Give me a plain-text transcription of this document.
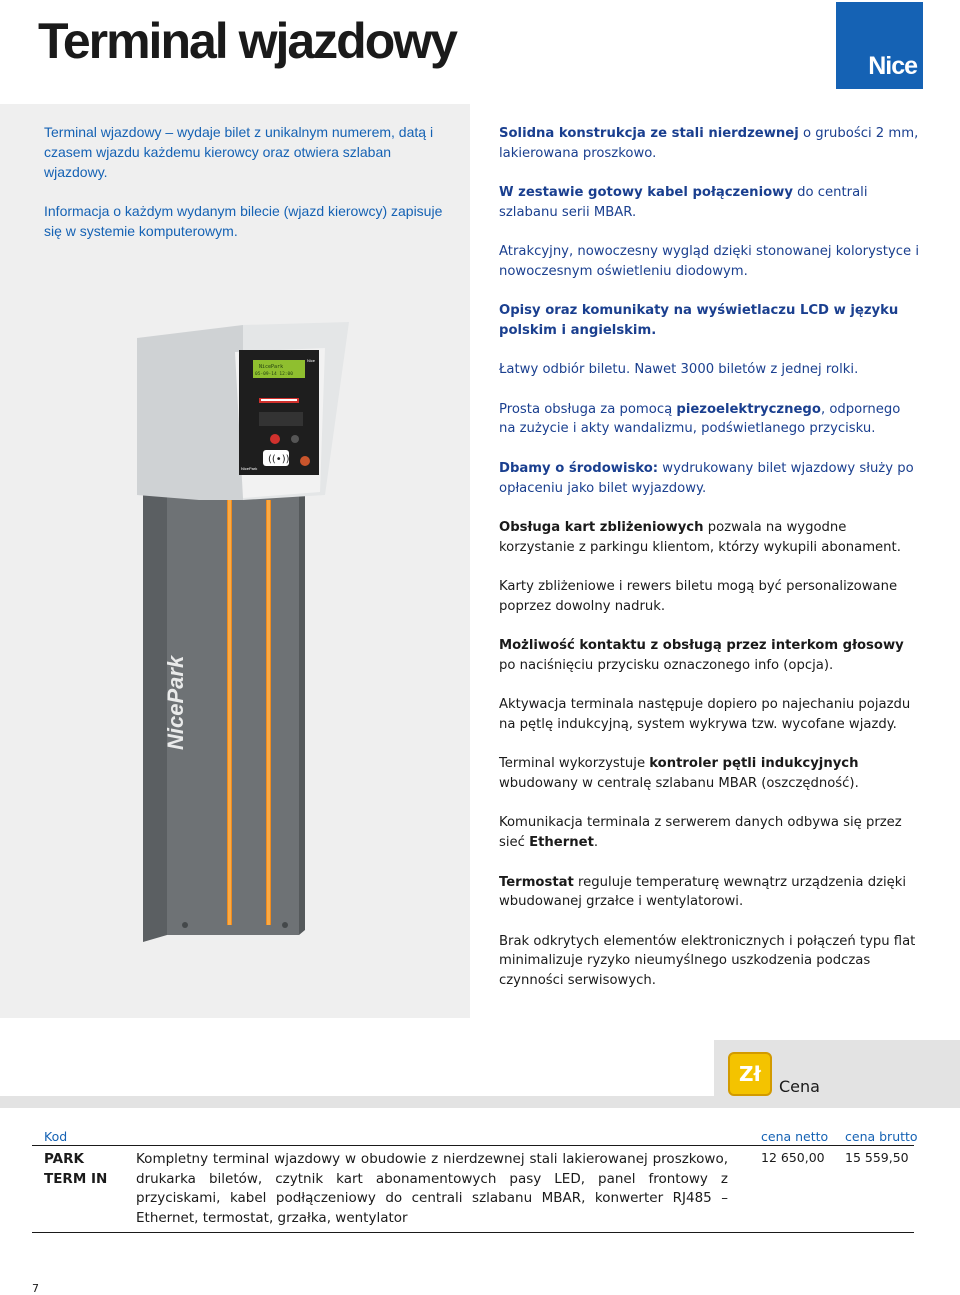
Terminal wjazdowy	Nice

Terminal wjazdowy – wydaje bilet z unikalnym numerem, datą i czasem wjazdu każdemu kierowcy oraz otwiera szlaban wjazdowy.

Informacja o każdym wydanym bilecie (wjazd kierowcy) zapisuje się w systemie komputerowym.

Solidna konstrukcja ze stali nierdzewnej o grubości 2 mm, lakierowana proszkowo.

W zestawie gotowy kabel połączeniowy do centrali szlabanu serii MBAR.

Atrakcyjny, nowoczesny wygląd dzięki stonowanej kolorystyce i nowoczesnym oświetleniu diodowym.

Opisy oraz komunikaty na wyświetlaczu LCD w języku polskim i angielskim.

Łatwy odbiór biletu. Nawet 3000 biletów z jednej rolki.

Prosta obsługa za pomocą piezoelektrycznego, odpornego na zużycie i akty wandalizmu, podświetlanego przycisku.

Dbamy o środowisko: wydrukowany bilet wjazdowy służy po opłaceniu jako bilet wyjazdowy.

Obsługa kart zbliżeniowych pozwala na wygodne korzystanie z parkingu klientom, którzy wykupili abonament.

Karty zbliżeniowe i rewers biletu mogą być personalizowane poprzez dowolny nadruk.

Możliwość kontaktu z obsługą przez interkom głosowy po naciśnięciu przycisku oznaczonego info (opcja).

Aktywacja terminala następuje dopiero po najechaniu pojazdu na pętlę indukcyjną, system wykrywa tzw. wycofane wjazdy.

Terminal wykorzystuje kontroler pętli indukcyjnych wbudowany w centralę szlabanu MBAR (oszczędność).

Komunikacja terminala z serwerem danych odbywa się przez sieć Ethernet.

Termostat reguluje temperaturę wewnątrz urządzenia dzięki wbudowanej grzałce i wentylatorowi.

Brak odkrytych elementów elektronicznych i połączeń typu flat minimalizuje ryzyko nieumyślnego uszkodzenia podczas czynności serwisowych.

NicePark
NicePark
05-09-14 12:00
Nice
((•))
NicePark
Zł
Cena
Kod	cena netto cena brutto
PARK
TERM IN
Kompletny terminal wjazdowy w obudowie z nierdzewnej stali lakierowanej proszkowo, drukarka biletów, czytnik kart abonamentowych pasy LED, panel frontowy z przyciskami, kabel podłączeniowy do centrali szlabanu MBAR, konwerter RJ485 – Ethernet, termostat, grzałka, wentylator
12 650,00 15 559,50
7
